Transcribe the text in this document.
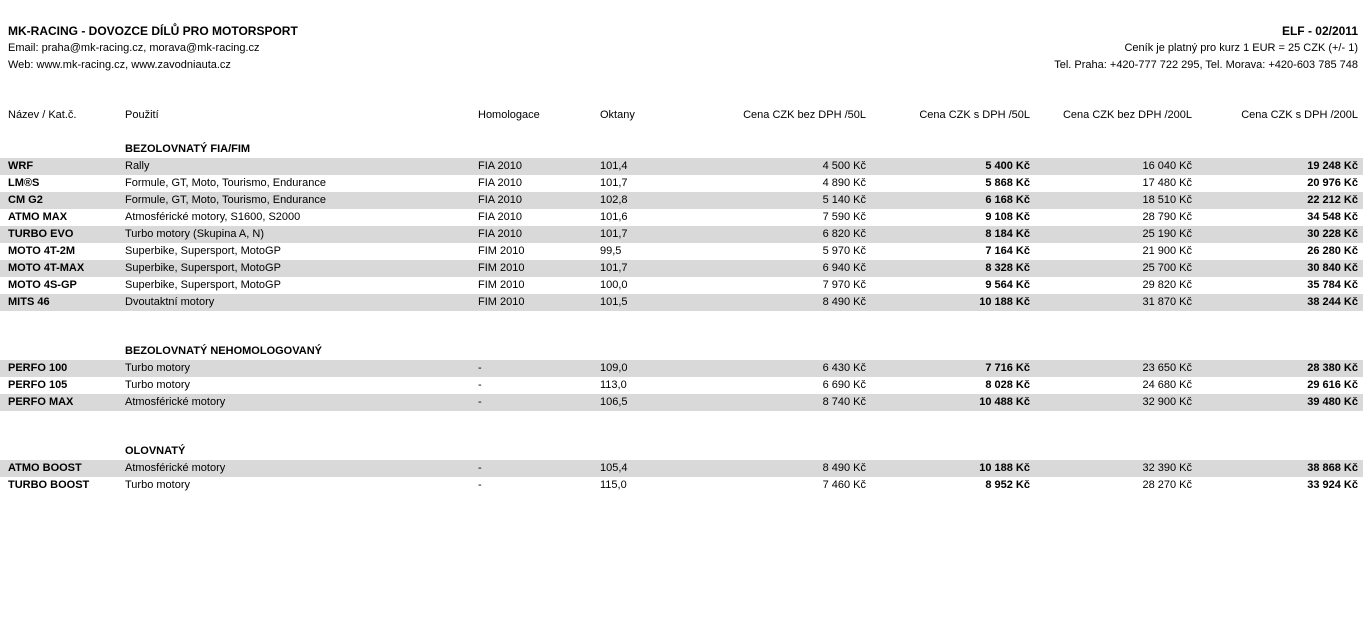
MK-RACING - DOVOZCE DÍLŮ PRO MOTORSPORT
Email: praha@mk-racing.cz, morava@mk-racing.cz
Web: www.mk-racing.cz, www.zavodniauta.cz
ELF - 02/2011
Ceník je platný pro kurz 1 EUR = 25 CZK (+/- 1)
Tel. Praha: +420-777 722 295, Tel. Morava: +420-603 785 748
Název / Kat.č.	Použití	Homologace	Oktany	Cena CZK bez DPH /50L	Cena CZK s DPH /50L	Cena CZK bez DPH /200L	Cena CZK s DPH /200L
BEZOLOVNATÝ FIA/FIM
WRF	Rally	FIA 2010	101,4	4 500 Kč	5 400 Kč	16 040 Kč	19 248 Kč
LM®S	Formule, GT, Moto, Tourismo, Endurance	FIA 2010	101,7	4 890 Kč	5 868 Kč	17 480 Kč	20 976 Kč
CM G2	Formule, GT, Moto, Tourismo, Endurance	FIA 2010	102,8	5 140 Kč	6 168 Kč	18 510 Kč	22 212 Kč
ATMO MAX	Atmosférické motory, S1600, S2000	FIA 2010	101,6	7 590 Kč	9 108 Kč	28 790 Kč	34 548 Kč
TURBO EVO	Turbo motory (Skupina A, N)	FIA 2010	101,7	6 820 Kč	8 184 Kč	25 190 Kč	30 228 Kč
MOTO 4T-2M	Superbike, Supersport, MotoGP	FIM 2010	99,5	5 970 Kč	7 164 Kč	21 900 Kč	26 280 Kč
MOTO 4T-MAX	Superbike, Supersport, MotoGP	FIM 2010	101,7	6 940 Kč	8 328 Kč	25 700 Kč	30 840 Kč
MOTO 4S-GP	Superbike, Supersport, MotoGP	FIM 2010	100,0	7 970 Kč	9 564 Kč	29 820 Kč	35 784 Kč
MITS 46	Dvoutaktní motory	FIM 2010	101,5	8 490 Kč	10 188 Kč	31 870 Kč	38 244 Kč
BEZOLOVNATÝ NEHOMOLOGOVANÝ
PERFO 100	Turbo motory	-	109,0	6 430 Kč	7 716 Kč	23 650 Kč	28 380 Kč
PERFO 105	Turbo motory	-	113,0	6 690 Kč	8 028 Kč	24 680 Kč	29 616 Kč
PERFO MAX	Atmosférické motory	-	106,5	8 740 Kč	10 488 Kč	32 900 Kč	39 480 Kč
OLOVNATÝ
ATMO BOOST	Atmosférické motory	-	105,4	8 490 Kč	10 188 Kč	32 390 Kč	38 868 Kč
TURBO BOOST	Turbo motory	-	115,0	7 460 Kč	8 952 Kč	28 270 Kč	33 924 Kč
